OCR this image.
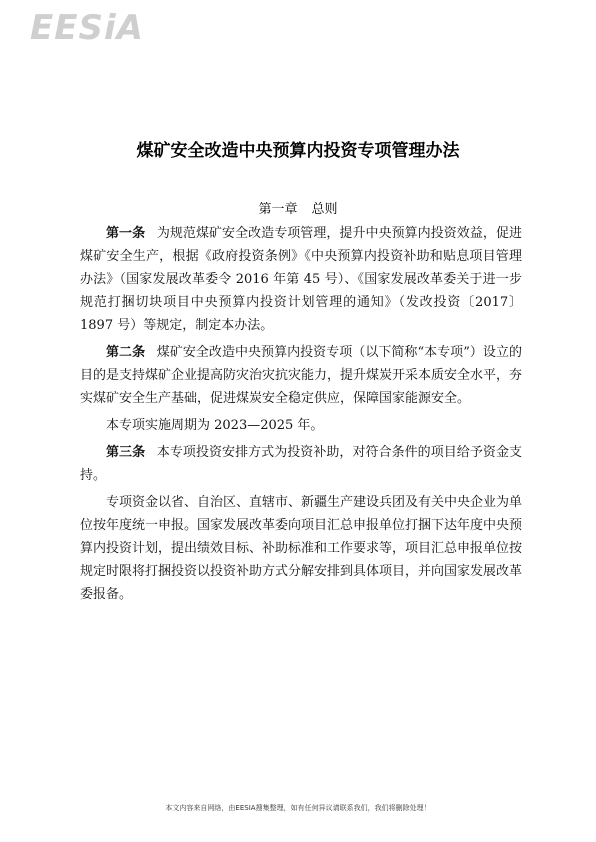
EESiA
煤矿安全改造中央预算内投资专项管理办法
第一章 总则

第一条 为规范煤矿安全改造专项管理，提升中央预算内投资效益，促进煤矿安全生产，根据《政府投资条例》《中央预算内投资补助和贴息项目管理办法》（国家发展改革委令 2016 年第 45 号）、《国家发展改革委关于进一步规范打捆切块项目中央预算内投资计划管理的通知》（发改投资〔2017〕1897 号）等规定，制定本办法。

第二条 煤矿安全改造中央预算内投资专项（以下简称“本专项”）设立的目的是支持煤矿企业提高防灾治灾抗灾能力，提升煤炭开采本质安全水平，夯实煤矿安全生产基础，促进煤炭安全稳定供应，保障国家能源安全。

本专项实施周期为 2023—2025 年。

第三条 本专项投资安排方式为投资补助，对符合条件的项目给予资金支持。

专项资金以省、自治区、直辖市、新疆生产建设兵团及有关中央企业为单位按年度统一申报。国家发展改革委向项目汇总申报单位打捆下达年度中央预算内投资计划，提出绩效目标、补助标准和工作要求等，项目汇总申报单位按规定时限将打捆投资以投资补助方式分解安排到具体项目，并向国家发展改革委报备。

本文内容来自网络，由EESIA搜集整理，如有任何异议请联系我们，我们将删除处理！
